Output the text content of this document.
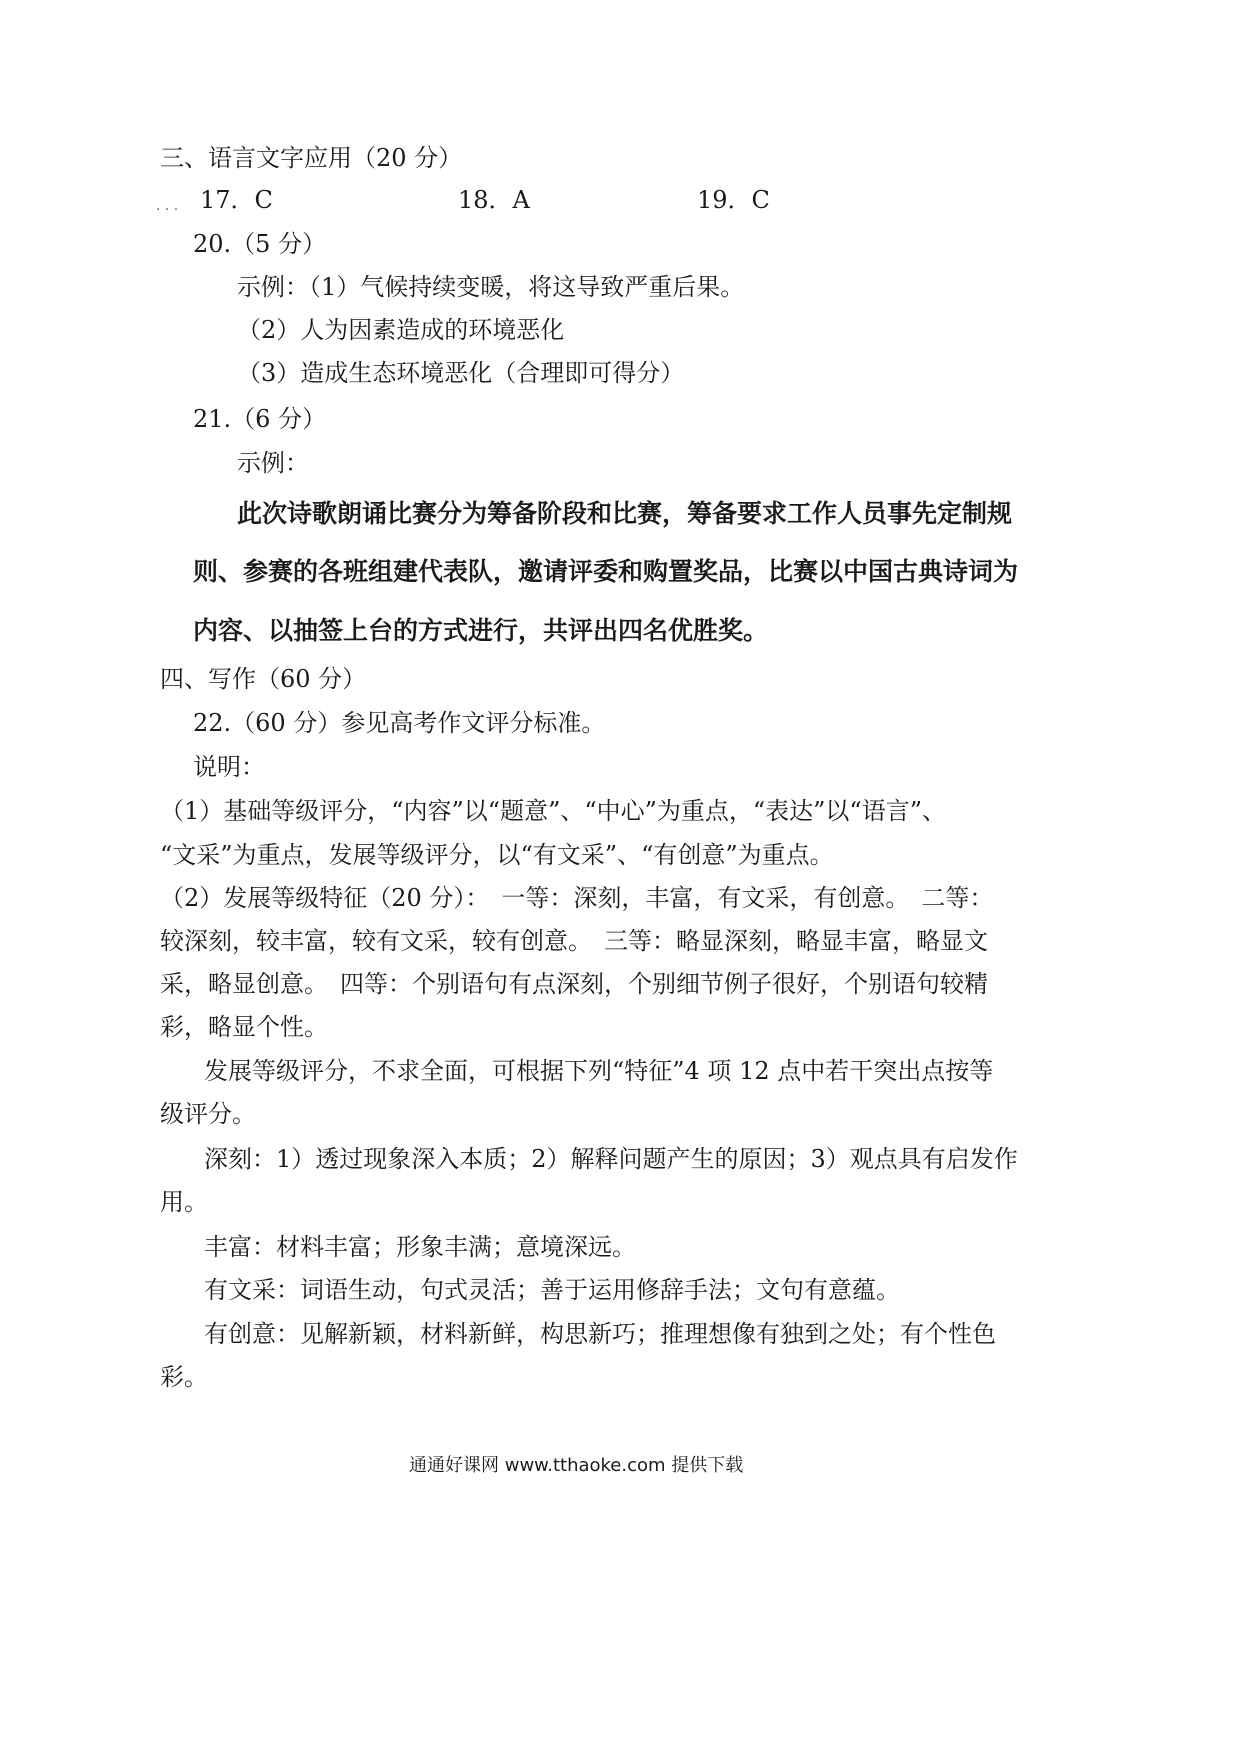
三、语言文字应用（20 分）
. . . 17．C	18．A	19．C
20.（5 分）
示例：（1）气候持续变暖，将这导致严重后果。
（2）人为因素造成的环境恶化
（3）造成生态环境恶化（合理即可得分）
21.（6 分）
示例：
此次诗歌朗诵比赛分为筹备阶段和比赛，筹备要求工作人员事先定制规
则、参赛的各班组建代表队，邀请评委和购置奖品，比赛以中国古典诗词为
内容、以抽签上台的方式进行，共评出四名优胜奖。
四、写作（60 分）
22.（60 分）参见高考作文评分标准。
说明：
（1）基础等级评分，“内容”以“题意”、“中心”为重点，“表达”以“语言”、
“文采”为重点，发展等级评分，以“有文采”、“有创意”为重点。
（2）发展等级特征（20 分）：　一等：深刻，丰富，有文采，有创意。　二等：
较深刻，较丰富，较有文采，较有创意。　三等：略显深刻，略显丰富，略显文
采，略显创意。　四等：个别语句有点深刻，个别细节例子很好，个别语句较精
彩，略显个性。
发展等级评分，不求全面，可根据下列“特征”4 项 12 点中若干突出点按等
级评分。
深刻：1）透过现象深入本质；2）解释问题产生的原因；3）观点具有启发作
用。
丰富：材料丰富；形象丰满；意境深远。
有文采：词语生动，句式灵活；善于运用修辞手法；文句有意蕴。
有创意：见解新颖，材料新鲜，构思新巧；推理想像有独到之处；有个性色
彩。
通通好课网 www.tthaoke.com 提供下载
